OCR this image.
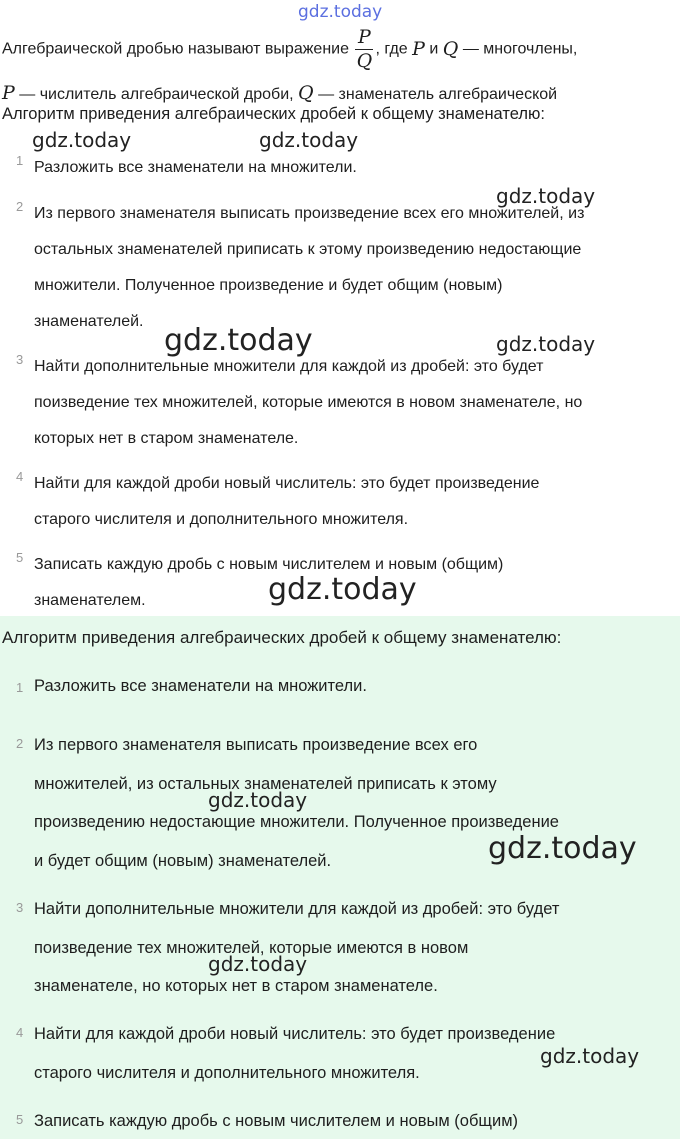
gdz.today
Алгебраической дробью называют выражение $\frac{P}{Q}$ , где P и Q — многочлены,
P — числитель алгебраической дроби, Q — знаменатель алгебраической
Алгоритм приведения алгебраических дробей к общему знаменателю:
1 Разложить все знаменатели на множители.
2 Из первого знаменателя выписать произведение всех его множителей, из
остальных знаменателей приписать к этому произведению недостающие
множители. Полученное произведение и будет общим (новым)
знаменателей.
3 Найти дополнительные множители для каждой из дробей: это будет
поизведение тех множителей, которые имеются в новом знаменателе, но
которых нет в старом знаменателе.
4 Найти для каждой дроби новый числитель: это будет произведение
старого числителя и дополнительного множителя.
5 Записать каждую дробь с новым числителем и новым (общим)
знаменателем.
Алгоритм приведения алгебраических дробей к общему знаменателю:
1 Разложить все знаменатели на множители.
2 Из первого знаменателя выписать произведение всех его
множителей, из остальных знаменателей приписать к этому
произведению недостающие множители. Полученное произведение
и будет общим (новым) знаменателей.
3 Найти дополнительные множители для каждой из дробей: это будет
поизведение тех множителей, которые имеются в новом
знаменателе, но которых нет в старом знаменателе.
4 Найти для каждой дроби новый числитель: это будет произведение
старого числителя и дополнительного множителя.
5 Записать каждую дробь с новым числителем и новым (общим)
gdz.today	gdz.today
gdz.today
gdz.today	gdz.today
gdz.today
gdz.today
gdz.today
gdz.today
gdz.today
